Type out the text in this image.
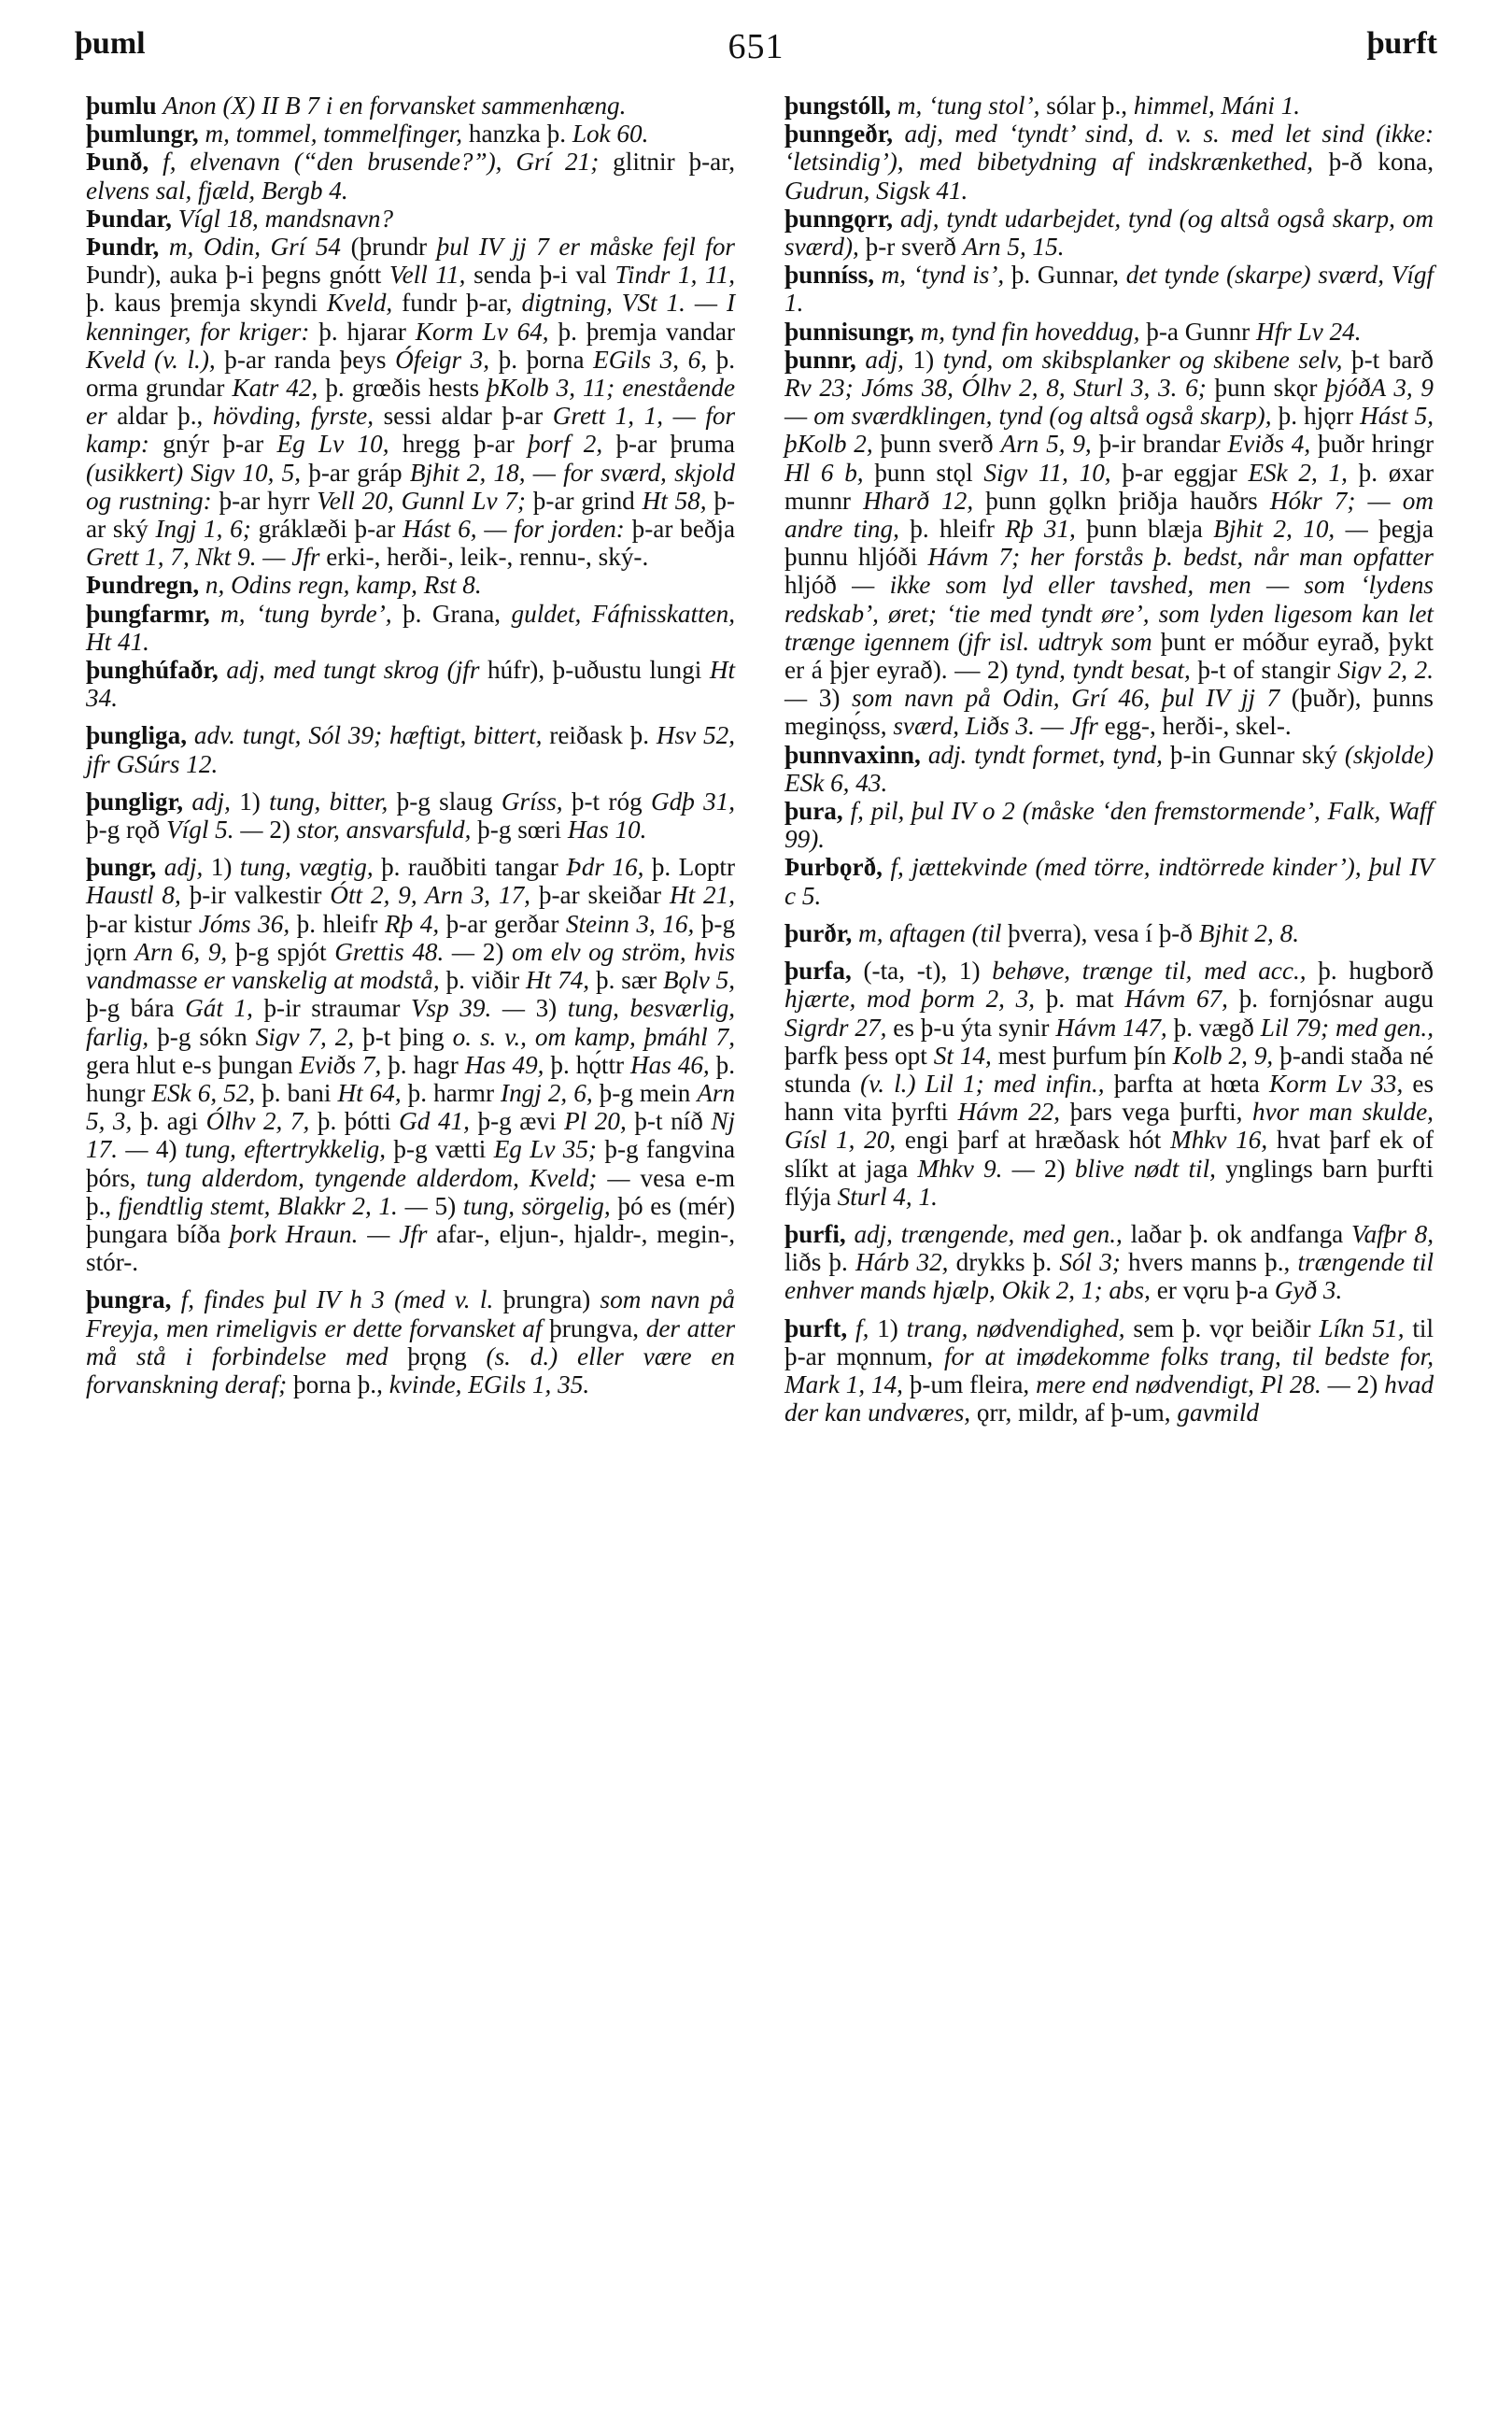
þuml	651	þurft

þumlu Anon (X) II B 7 i en forvansket sammenhæng.

þumlungr, m, tommel, tommelfinger, hanzka þ. Lok 60.

Þunð, f, elvenavn (“den brusende?”), Grí 21; glitnir þ-ar, elvens sal, fjæld, Bergb 4.

Þundar, Vígl 18, mandsnavn?

Þundr, m, Odin, Grí 54 (þrundr þul IV jj 7 er måske fejl for Þundr), auka þ-i þegns gnótt Vell 11, senda þ-i val Tindr 1, 11, þ. kaus þremja skyndi Kveld, fundr þ-ar, digtning, VSt 1. — I kenninger, for kriger: þ. hjarar Korm Lv 64, þ. þremja vandar Kveld (v. l.), þ-ar randa þeys Ófeigr 3, þ. þorna EGils 3, 6, þ. orma grundar Katr 42, þ. grœðis hests þKolb 3, 11; enestående er aldar þ., hövding, fyrste, sessi aldar þ-ar Grett 1, 1, — for kamp: gnýr þ-ar Eg Lv 10, hregg þ-ar þorf 2, þ-ar þruma (usikkert) Sigv 10, 5, þ-ar gráp Bjhit 2, 18, — for sværd, skjold og rustning: þ-ar hyrr Vell 20, Gunnl Lv 7; þ-ar grind Ht 58, þ-ar ský Ingj 1, 6; gráklæði þ-ar Hást 6, — for jorden: þ-ar beðja Grett 1, 7, Nkt 9. — Jfr erki-, herði-, leik-, rennu-, ský-.

Þundregn, n, Odins regn, kamp, Rst 8.

þungfarmr, m, ‘tung byrde’, þ. Grana, guldet, Fáfnisskatten, Ht 41.

þunghúfaðr, adj, med tungt skrog (jfr húfr), þ-uðustu lungi Ht 34.

þungliga, adv. tungt, Sól 39; hæftigt, bittert, reiðask þ. Hsv 52, jfr GSúrs 12.

þungligr, adj, 1) tung, bitter, þ-g slaug Gríss, þ-t róg Gdþ 31, þ-g rǫð Vígl 5. — 2) stor, ansvarsfuld, þ-g sœri Has 10.

þungr, adj, 1) tung, vægtig, þ. rauðbiti tangar Þdr 16, þ. Loptr Haustl 8, þ-ir valkestir Ótt 2, 9, Arn 3, 17, þ-ar skeiðar Ht 21, þ-ar kistur Jóms 36, þ. hleifr Rþ 4, þ-ar gerðar Steinn 3, 16, þ-g jǫrn Arn 6, 9, þ-g spjót Grettis 48. — 2) om elv og ström, hvis vandmasse er vanskelig at modstå, þ. viðir Ht 74, þ. sær Bǫlv 5, þ-g bára Gát 1, þ-ir straumar Vsp 39. — 3) tung, besværlig, farlig, þ-g sókn Sigv 7, 2, þ-t þing o. s. v., om kamp, þmáhl 7, gera hlut e-s þungan Eviðs 7, þ. hagr Has 49, þ. hǫ́ttr Has 46, þ. hungr ESk 6, 52, þ. bani Ht 64, þ. harmr Ingj 2, 6, þ-g mein Arn 5, 3, þ. agi Ólhv 2, 7, þ. þótti Gd 41, þ-g ævi Pl 20, þ-t níð Nj 17. — 4) tung, eftertrykkelig, þ-g vætti Eg Lv 35; þ-g fangvina þórs, tung alderdom, tyngende alderdom, Kveld; — vesa e-m þ., fjendtlig stemt, Blakkr 2, 1. — 5) tung, sörgelig, þó es (mér) þungara bíða þork Hraun. — Jfr afar-, eljun-, hjaldr-, megin-, stór-.

þungra, f, findes þul IV h 3 (med v. l. þrungra) som navn på Freyja, men rimeligvis er dette forvansket af þrungva, der atter må stå i forbindelse med þrǫng (s. d.) eller være en forvanskning deraf; þorna þ., kvinde, EGils 1, 35.

þungstóll, m, ‘tung stol’, sólar þ., himmel, Máni 1.

þunngeðr, adj, med ‘tyndt’ sind, d. v. s. med let sind (ikke: ‘letsindig’), med bibetydning af indskrænkethed, þ-ð kona, Gudrun, Sigsk 41.

þunngǫrr, adj, tyndt udarbejdet, tynd (og altså også skarp, om sværd), þ-r sverð Arn 5, 15.

þunníss, m, ‘tynd is’, þ. Gunnar, det tynde (skarpe) sværd, Vígf 1.

þunnisungr, m, tynd fin hoveddug, þ-a Gunnr Hfr Lv 24.

þunnr, adj, 1) tynd, om skibsplanker og skibene selv, þ-t barð Rv 23; Jóms 38, Ólhv 2, 8, Sturl 3, 3. 6; þunn skǫr þjóðA 3, 9 — om sværdklingen, tynd (og altså også skarp), þ. hjǫrr Hást 5, þKolb 2, þunn sverð Arn 5, 9, þ-ir brandar Eviðs 4, þuðr hringr Hl 6 b, þunn stǫl Sigv 11, 10, þ-ar eggjar ESk 2, 1, þ. øxar munnr Hharð 12, þunn gǫlkn þriðja hauðrs Hókr 7; — om andre ting, þ. hleifr Rþ 31, þunn blæja Bjhit 2, 10, — þegja þunnu hljóði Hávm 7; her forstås þ. bedst, når man opfatter hljóð — ikke som lyd eller tavshed, men — som ‘lydens redskab’, øret; ‘tie med tyndt øre’, som lyden ligesom kan let trænge igennem (jfr isl. udtryk som þunt er móður eyrað, þykt er á þjer eyrað). — 2) tynd, tyndt besat, þ-t of stangir Sigv 2, 2. — 3) som navn på Odin, Grí 46, þul IV jj 7 (þuðr), þunns meginǫ́ss, sværd, Liðs 3. — Jfr egg-, herði-, skel-.

þunnvaxinn, adj. tyndt formet, tynd, þ-in Gunnar ský (skjolde) ESk 6, 43.

þura, f, pil, þul IV o 2 (måske ‘den fremstormende’, Falk, Waff 99).

Þurbǫrð, f, jættekvinde (med törre, indtörrede kinder’), þul IV c 5.

þurðr, m, aftagen (til þverra), vesa í þ-ð Bjhit 2, 8.

þurfa, (-ta, -t), 1) behøve, trænge til, med acc., þ. hugborð hjærte, mod þorm 2, 3, þ. mat Hávm 67, þ. fornjósnar augu Sigrdr 27, es þ-u ýta synir Hávm 147, þ. vægð Lil 79; med gen., þarfk þess opt St 14, mest þurfum þín Kolb 2, 9, þ-andi staða né stunda (v. l.) Lil 1; med infin., þarfta at hœta Korm Lv 33, es hann vita þyrfti Hávm 22, þars vega þurfti, hvor man skulde, Gísl 1, 20, engi þarf at hræðask hót Mhkv 16, hvat þarf ek of slíkt at jaga Mhkv 9. — 2) blive nødt til, ynglings barn þurfti flýja Sturl 4, 1.

þurfi, adj, trængende, med gen., laðar þ. ok andfanga Vafþr 8, liðs þ. Hárb 32, drykks þ. Sól 3; hvers manns þ., trængende til enhver mands hjælp, Okik 2, 1; abs, er vǫru þ-a Gyð 3.

þurft, f, 1) trang, nødvendighed, sem þ. vǫr beiðir Líkn 51, til þ-ar mǫnnum, for at imødekomme folks trang, til bedste for, Mark 1, 14, þ-um fleira, mere end nødvendigt, Pl 28. — 2) hvad der kan undværes, ǫrr, mildr, af þ-um, gavmild
